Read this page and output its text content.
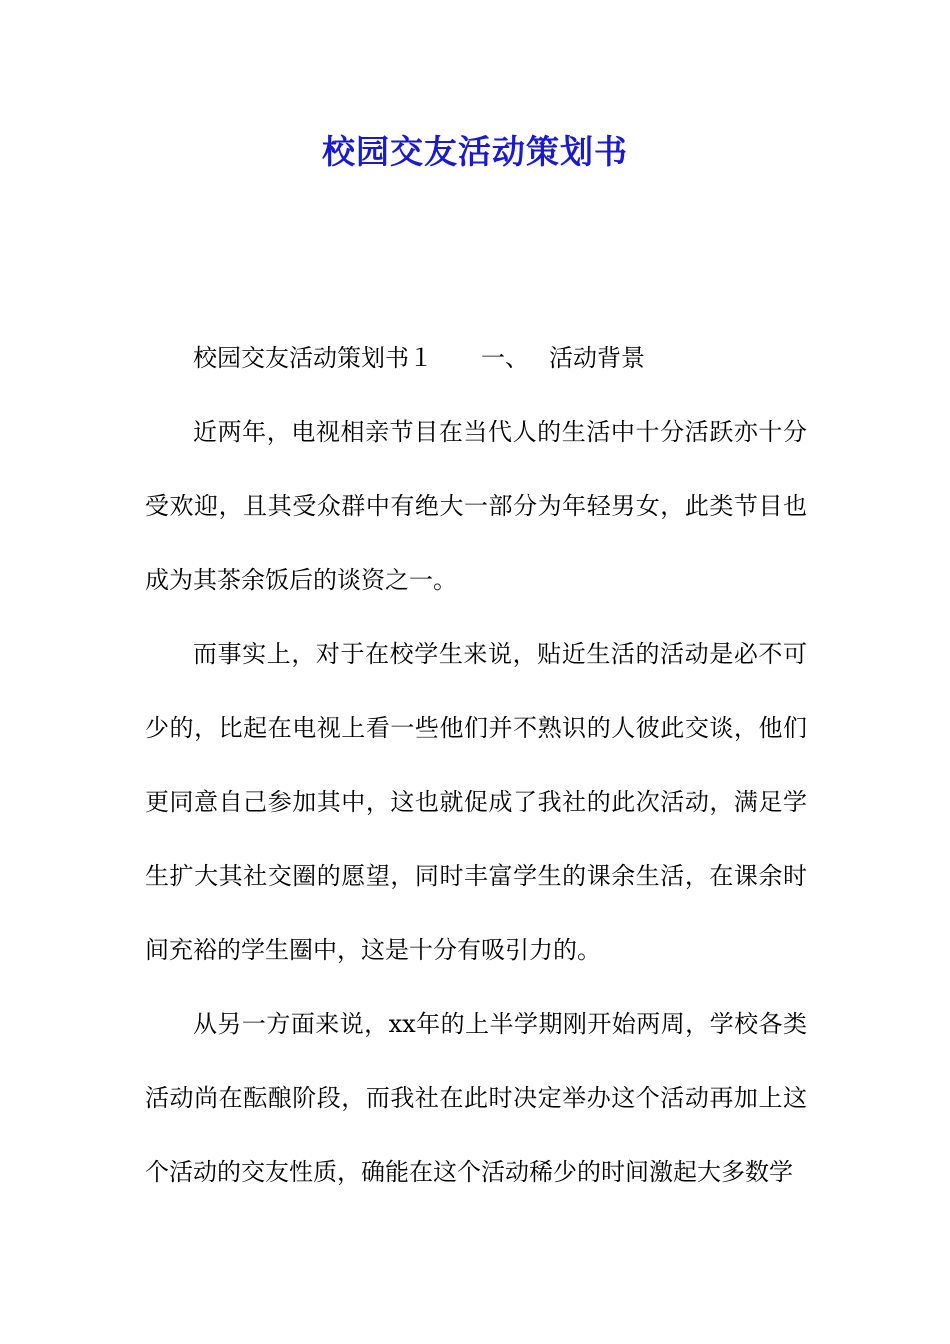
校园交友活动策划书

校园交友活动策划书１ 一、 活动背景

近两年，电视相亲节目在当代人的生活中十分活跃亦十分受欢迎，且其受众群中有绝大一部分为年轻男女，此类节目也成为其茶余饭后的谈资之一。

而事实上，对于在校学生来说，贴近生活的活动是必不可少的，比起在电视上看一些他们并不熟识的人彼此交谈，他们更同意自己参加其中，这也就促成了我社的此次活动，满足学生扩大其社交圈的愿望，同时丰富学生的课余生活，在课余时间充裕的学生圈中，这是十分有吸引力的。

从另一方面来说，xx年的上半学期刚开始两周，学校各类活动尚在酝酿阶段，而我社在此时决定举办这个活动再加上这个活动的交友性质，确能在这个活动稀少的时间激起大多数学
